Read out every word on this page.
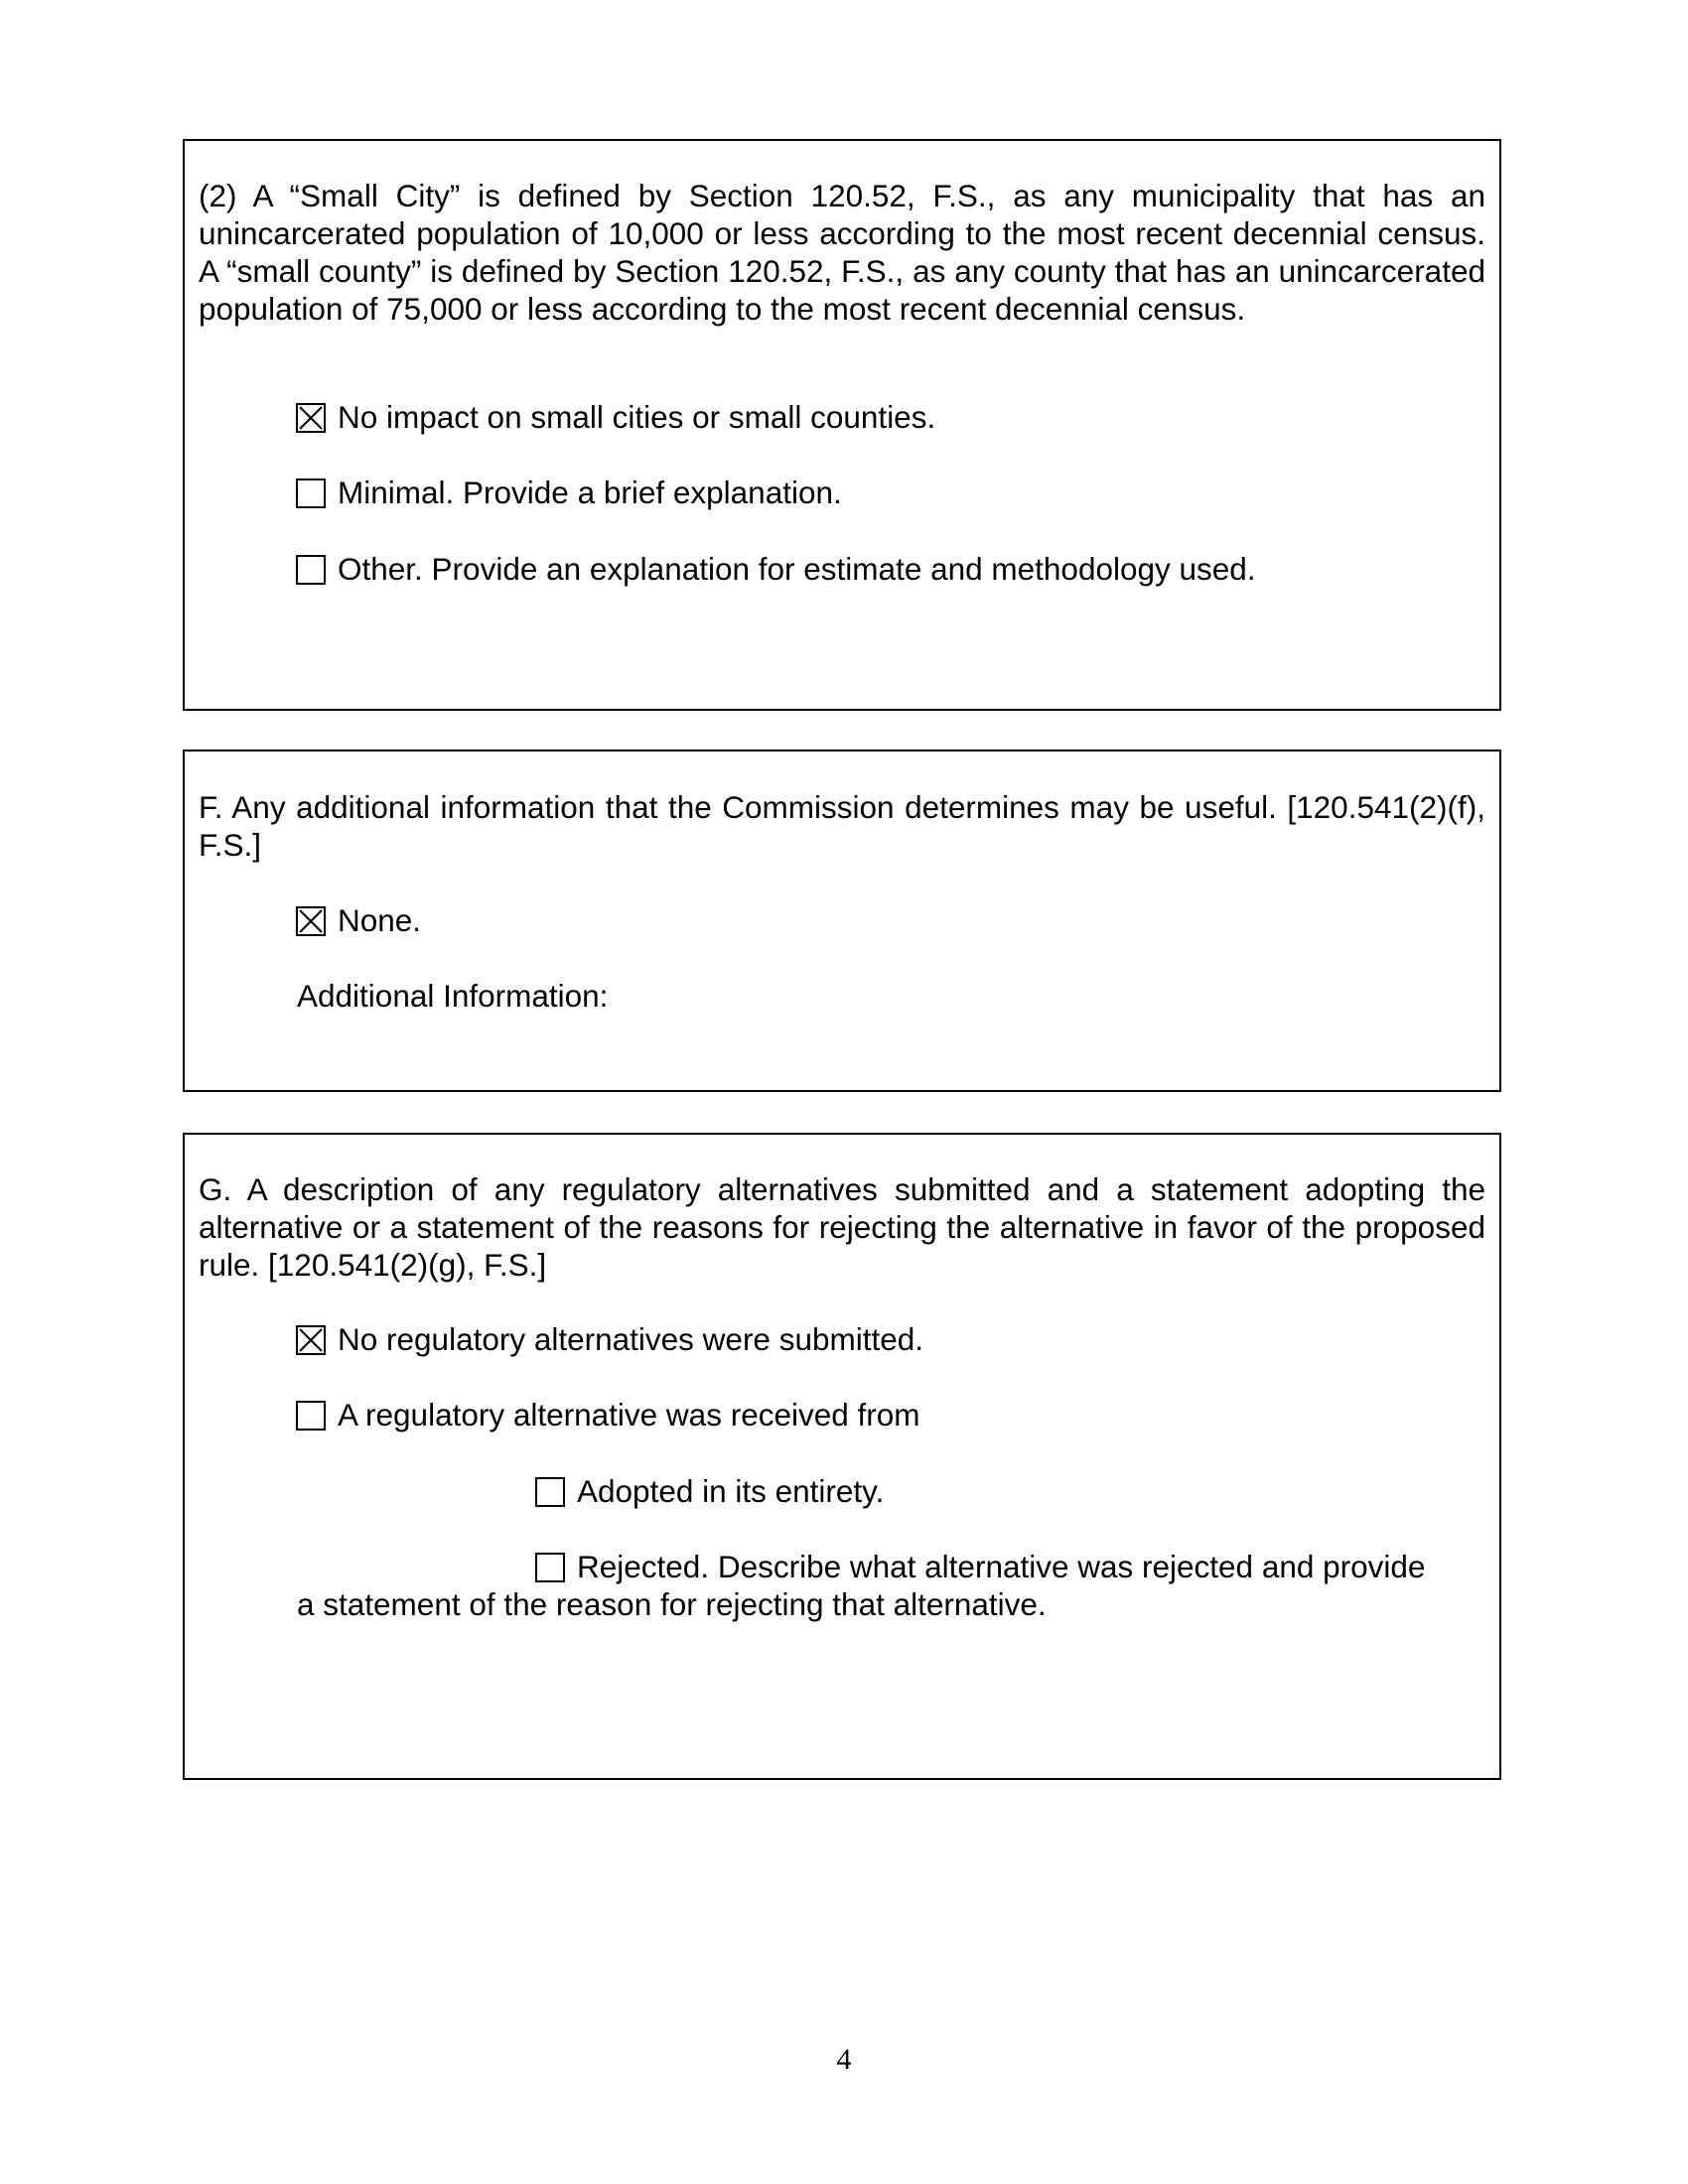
(2) A “Small City” is defined by Section 120.52, F.S., as any municipality that has an unincarcerated population of 10,000 or less according to the most recent decennial census. A “small county” is defined by Section 120.52, F.S., as any county that has an unincarcerated population of 75,000 or less according to the most recent decennial census.

No impact on small cities or small counties.
Minimal. Provide a brief explanation.
Other. Provide an explanation for estimate and methodology used.

F. Any additional information that the Commission determines may be useful. [120.541(2)(f), F.S.]

None.
Additional Information:

G. A description of any regulatory alternatives submitted and a statement adopting the alternative or a statement of the reasons for rejecting the alternative in favor of the proposed rule. [120.541(2)(g), F.S.]

No regulatory alternatives were submitted.
A regulatory alternative was received from
Adopted in its entirety.
Rejected. Describe what alternative was rejected and provide
a statement of the reason for rejecting that alternative.
4
